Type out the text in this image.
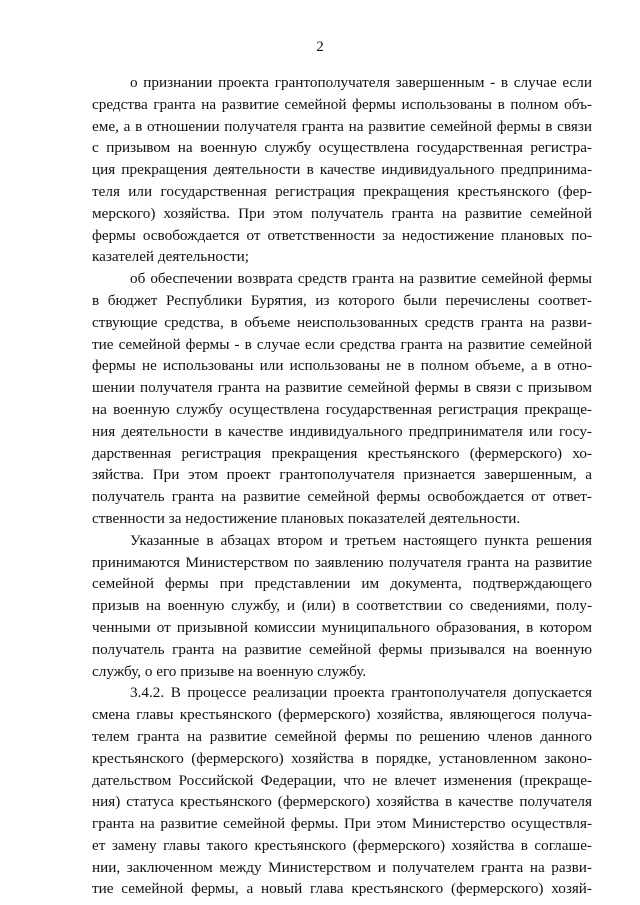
2
о признании проекта грантополучателя завершенным - в случае если
средства гранта на развитие семейной фермы использованы в полном объ-
еме, а в отношении получателя гранта на развитие семейной фермы в связи
с призывом на военную службу осуществлена государственная регистра-
ция прекращения деятельности в качестве индивидуального предпринима-
теля или государственная регистрация прекращения крестьянского (фер-
мерского) хозяйства. При этом получатель гранта на развитие семейной
фермы освобождается от ответственности за недостижение плановых по-
казателей деятельности;
об обеспечении возврата средств гранта на развитие семейной фермы
в бюджет Республики Бурятия, из которого были перечислены соответ-
ствующие средства, в объеме неиспользованных средств гранта на разви-
тие семейной фермы - в случае если средства гранта на развитие семейной
фермы не использованы или использованы не в полном объеме, а в отно-
шении получателя гранта на развитие семейной фермы в связи с призывом
на военную службу осуществлена государственная регистрация прекраще-
ния деятельности в качестве индивидуального предпринимателя или госу-
дарственная регистрация прекращения крестьянского (фермерского) хо-
зяйства. При этом проект грантополучателя признается завершенным, а
получатель гранта на развитие семейной фермы освобождается от ответ-
ственности за недостижение плановых показателей деятельности.
Указанные в абзацах втором и третьем настоящего пункта решения
принимаются Министерством по заявлению получателя гранта на развитие
семейной фермы при представлении им документа, подтверждающего
призыв на военную службу, и (или) в соответствии со сведениями, полу-
ченными от призывной комиссии муниципального образования, в котором
получатель гранта на развитие семейной фермы призывался на военную
службу, о его призыве на военную службу.
3.4.2. В процессе реализации проекта грантополучателя допускается
смена главы крестьянского (фермерского) хозяйства, являющегося получа-
телем гранта на развитие семейной фермы по решению членов данного
крестьянского (фермерского) хозяйства в порядке, установленном законо-
дательством Российской Федерации, что не влечет изменения (прекраще-
ния) статуса крестьянского (фермерского) хозяйства в качестве получателя
гранта на развитие семейной фермы. При этом Министерство осуществля-
ет замену главы такого крестьянского (фермерского) хозяйства в соглаше-
нии, заключенном между Министерством и получателем гранта на разви-
тие семейной фермы, а новый глава крестьянского (фермерского) хозяй-
